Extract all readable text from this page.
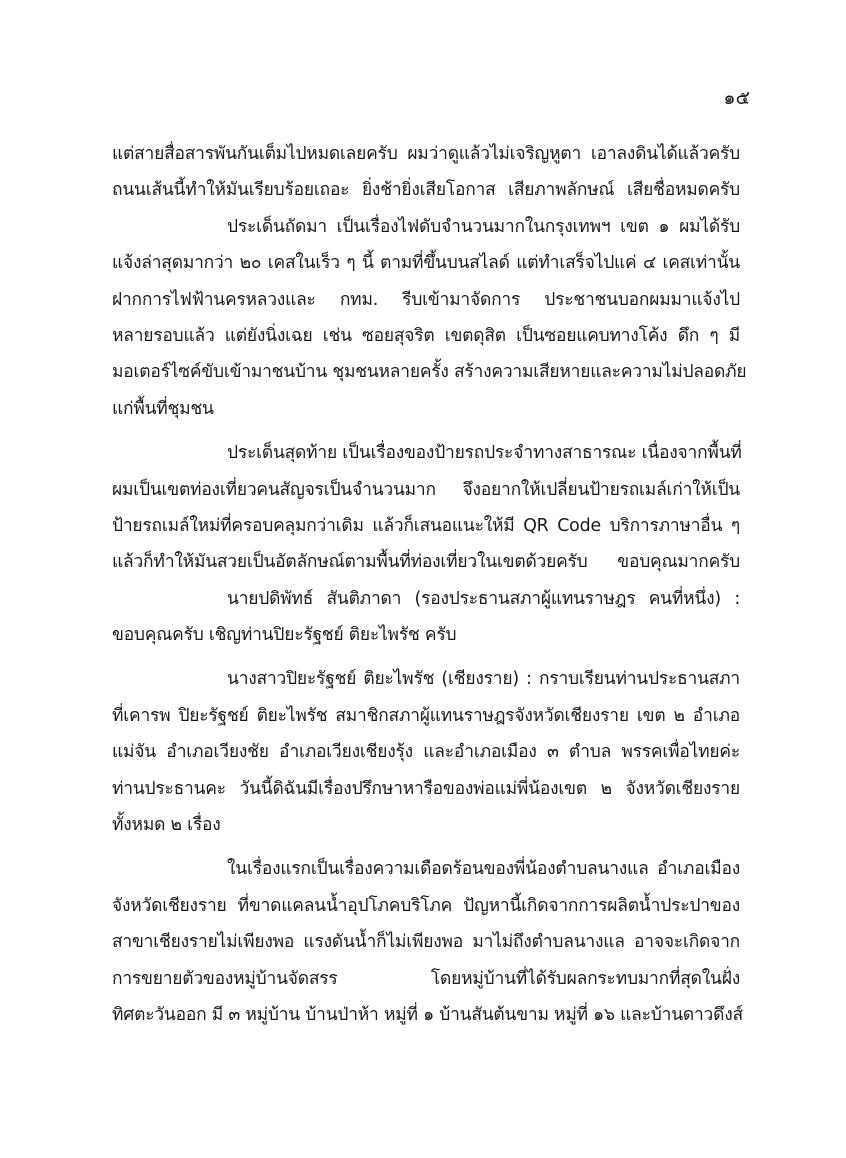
๑๕
แต่สายสื่อสารพันกันเต็มไปหมดเลยครับ ผมว่าดูแล้วไม่เจริญหูตา เอาลงดินได้แล้วครับ
ถนนเส้นนี้ทำให้มันเรียบร้อยเถอะ ยิ่งช้ายิ่งเสียโอกาส เสียภาพลักษณ์ เสียชื่อหมดครับ
ประเด็นถัดมา เป็นเรื่องไฟดับจำนวนมากในกรุงเทพฯ เขต ๑ ผมได้รับ
แจ้งล่าสุดมากว่า ๒๐ เคสในเร็ว ๆ นี้ ตามที่ขึ้นบนสไลด์ แต่ทำเสร็จไปแค่ ๔ เคสเท่านั้น
ฝากการไฟฟ้านครหลวงและ กทม. รีบเข้ามาจัดการ ประชาชนบอกผมมาแจ้งไป
หลายรอบแล้ว แต่ยังนิ่งเฉย เช่น ซอยสุจริต เขตดุสิต เป็นซอยแคบทางโค้ง ดึก ๆ มี
มอเตอร์ไซค์ขับเข้ามาชนบ้าน ชุมชนหลายครั้ง สร้างความเสียหายและความไม่ปลอดภัย
แก่พื้นที่ชุมชน
ประเด็นสุดท้าย เป็นเรื่องของป้ายรถประจำทางสาธารณะ เนื่องจากพื้นที่
ผมเป็นเขตท่องเที่ยวคนสัญจรเป็นจำนวนมาก จึงอยากให้เปลี่ยนป้ายรถเมล์เก่าให้เป็น
ป้ายรถเมล์ใหม่ที่ครอบคลุมกว่าเดิม แล้วก็เสนอแนะให้มี QR Code บริการภาษาอื่น ๆ
แล้วก็ทำให้มันสวยเป็นอัตลักษณ์ตามพื้นที่ท่องเที่ยวในเขตด้วยครับ ขอบคุณมากครับ
นายปดิพัทธ์ สันติภาดา (รองประธานสภาผู้แทนราษฎร คนที่หนึ่ง) :
ขอบคุณครับ เชิญท่านปิยะรัฐชย์ ติยะไพรัช ครับ
นางสาวปิยะรัฐชย์ ติยะไพรัช (เชียงราย) : กราบเรียนท่านประธานสภา
ที่เคารพ ปิยะรัฐชย์ ติยะไพรัช สมาชิกสภาผู้แทนราษฎรจังหวัดเชียงราย เขต ๒ อำเภอ
แม่จัน อำเภอเวียงชัย อำเภอเวียงเชียงรุ้ง และอำเภอเมือง ๓ ตำบล พรรคเพื่อไทยค่ะ
ท่านประธานคะ วันนี้ดิฉันมีเรื่องปรึกษาหารือของพ่อแม่พี่น้องเขต ๒ จังหวัดเชียงราย
ทั้งหมด ๒ เรื่อง
ในเรื่องแรกเป็นเรื่องความเดือดร้อนของพี่น้องตำบลนางแล อำเภอเมือง
จังหวัดเชียงราย ที่ขาดแคลนน้ำอุปโภคบริโภค ปัญหานี้เกิดจากการผลิตน้ำประปาของ
สาขาเชียงรายไม่เพียงพอ แรงดันน้ำก็ไม่เพียงพอ มาไม่ถึงตำบลนางแล อาจจะเกิดจาก
การขยายตัวของหมู่บ้านจัดสรร โดยหมู่บ้านที่ได้รับผลกระทบมากที่สุดในฝั่ง
ทิศตะวันออก มี ๓ หมู่บ้าน บ้านป่าห้า หมู่ที่ ๑ บ้านสันต้นขาม หมู่ที่ ๑๖ และบ้านดาวดึงส์
